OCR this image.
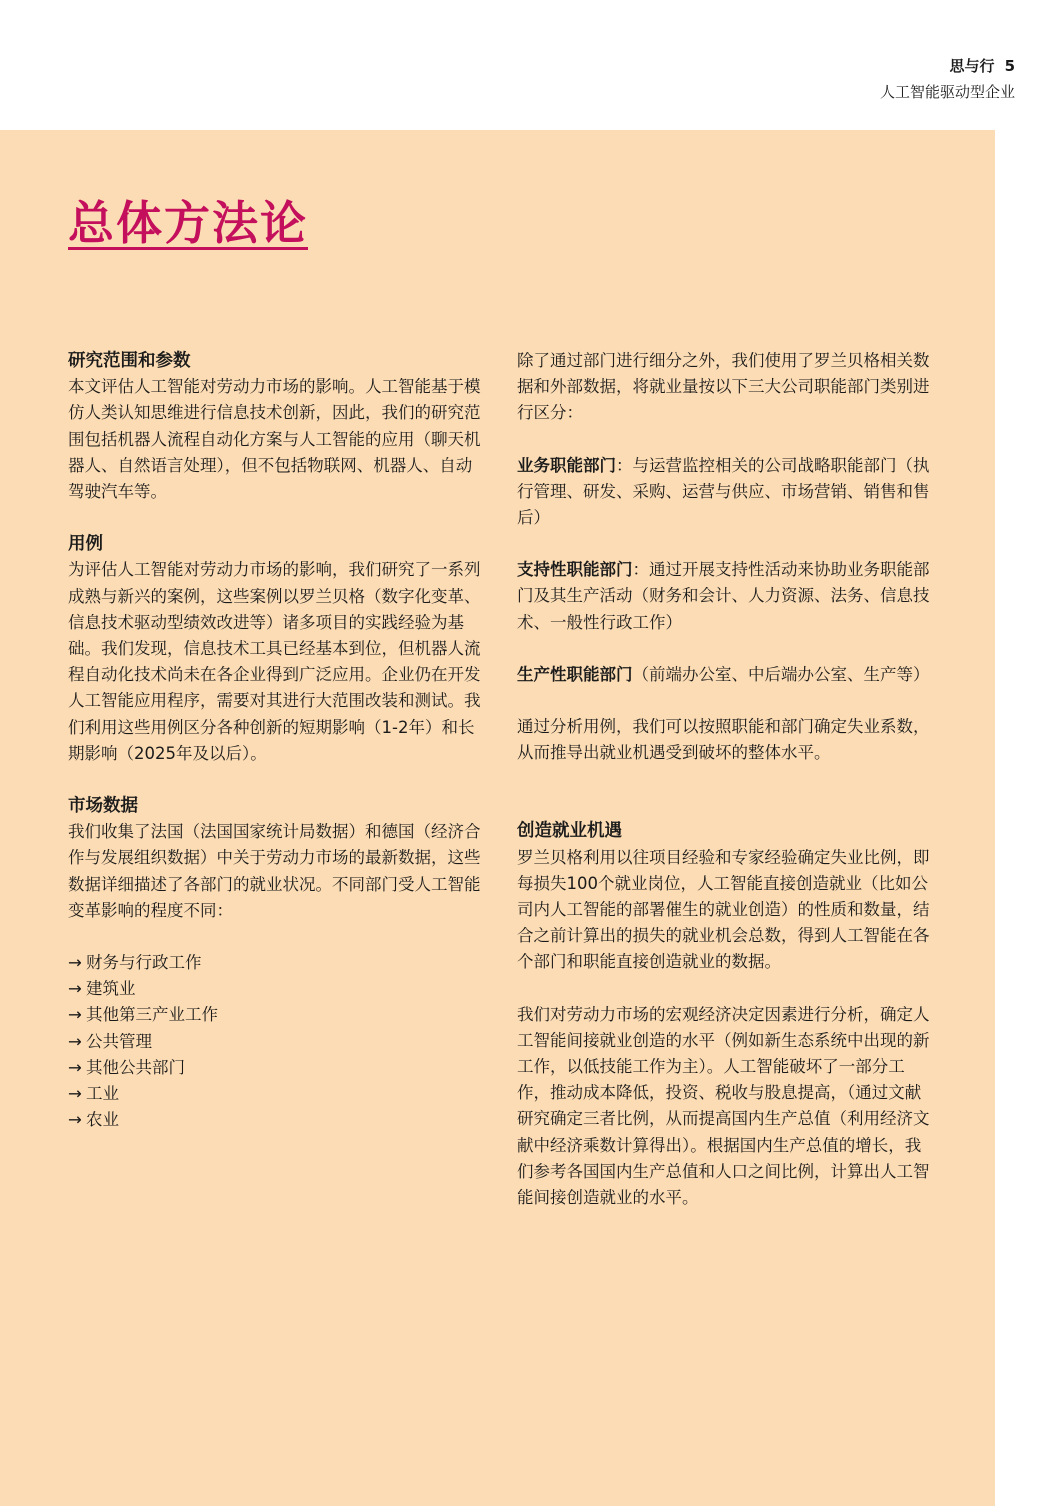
思与行 5
人工智能驱动型企业
总体方法论
研究范围和参数

本文评估人工智能对劳动力市场的影响。人工智能基于模仿人类认知思维进行信息技术创新，因此，我们的研究范围包括机器人流程自动化方案与人工智能的应用（聊天机器人、自然语言处理），但不包括物联网、机器人、自动驾驶汽车等。

用例

为评估人工智能对劳动力市场的影响，我们研究了一系列成熟与新兴的案例，这些案例以罗兰贝格（数字化变革、信息技术驱动型绩效改进等）诸多项目的实践经验为基础。我们发现，信息技术工具已经基本到位，但机器人流程自动化技术尚未在各企业得到广泛应用。企业仍在开发人工智能应用程序，需要对其进行大范围改装和测试。我们利用这些用例区分各种创新的短期影响（1-2年）和长期影响（2025年及以后）。

市场数据

我们收集了法国（法国国家统计局数据）和德国（经济合作与发展组织数据）中关于劳动力市场的最新数据，这些数据详细描述了各部门的就业状况。不同部门受人工智能变革影响的程度不同：

→ 财务与行政工作
→ 建筑业
→ 其他第三产业工作
→ 公共管理
→ 其他公共部门
→ 工业
→ 农业

除了通过部门进行细分之外，我们使用了罗兰贝格相关数据和外部数据，将就业量按以下三大公司职能部门类别进行区分：

业务职能部门：与运营监控相关的公司战略职能部门（执行管理、研发、采购、运营与供应、市场营销、销售和售后）

支持性职能部门：通过开展支持性活动来协助业务职能部门及其生产活动（财务和会计、人力资源、法务、信息技术、一般性行政工作）

生产性职能部门（前端办公室、中后端办公室、生产等）

通过分析用例，我们可以按照职能和部门确定失业系数，从而推导出就业机遇受到破坏的整体水平。

创造就业机遇

罗兰贝格利用以往项目经验和专家经验确定失业比例，即每损失100个就业岗位，人工智能直接创造就业（比如公司内人工智能的部署催生的就业创造）的性质和数量，结合之前计算出的损失的就业机会总数，得到人工智能在各个部门和职能直接创造就业的数据。

我们对劳动力市场的宏观经济决定因素进行分析，确定人工智能间接就业创造的水平（例如新生态系统中出现的新工作，以低技能工作为主）。人工智能破坏了一部分工作，推动成本降低，投资、税收与股息提高，（通过文献研究确定三者比例，从而提高国内生产总值（利用经济文献中经济乘数计算得出）。根据国内生产总值的增长，我们参考各国国内生产总值和人口之间比例，计算出人工智能间接创造就业的水平。
